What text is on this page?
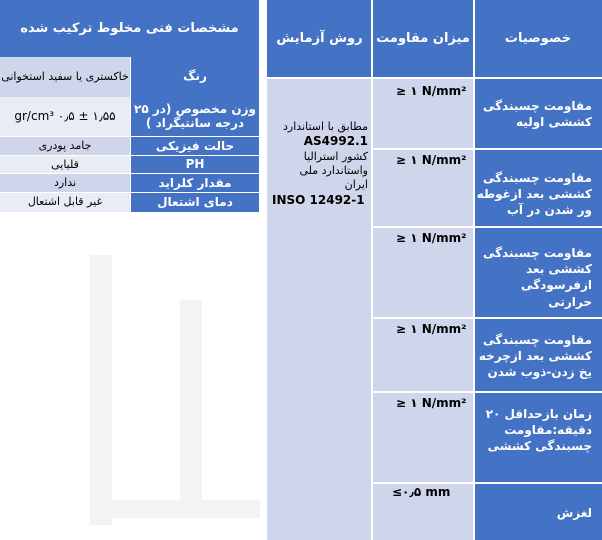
مشخصات فنی مخلوط ترکیب شده
رنگ
خاکستری یا سفید استخوانی
وزن مخصوص (در ۲۵ درجه سانتیگراد )
۱٫۵۵ ± ۰٫۵ gr/cm³
حالت فیزیکی
جامد پودری
PH
قلیایی
مقدار کلراید
ندارد
دمای اشتعال
غیر قابل اشتعال
روش آزمایش	میزان مقاومت	خصوصیات
مطابق با استاندارد
AS4992.1
کشور استرالیا
واستاندارد ملی
ایران
INSO 12492-1
≥ ۱ N/mm²
≥ ۱ N/mm²
≥ ۱ N/mm²
≥ ۱ N/mm²
≥ ۱ N/mm²
≤۰٫۵ mm
مقاومت چسبندگی کششی اولیه
مقاومت چسبندگی کششی بعد ازغوطه ور شدن در آب
مقاومت چسبندگی کششی بعد ازفرسودگی حرارتی
مقاومت چسبندگی کششی بعد ازچرخه یخ زدن-ذوب شدن
زمان بازحداقل ۲۰ دقیقه:مقاومت چسبندگی کششی
لغزش
